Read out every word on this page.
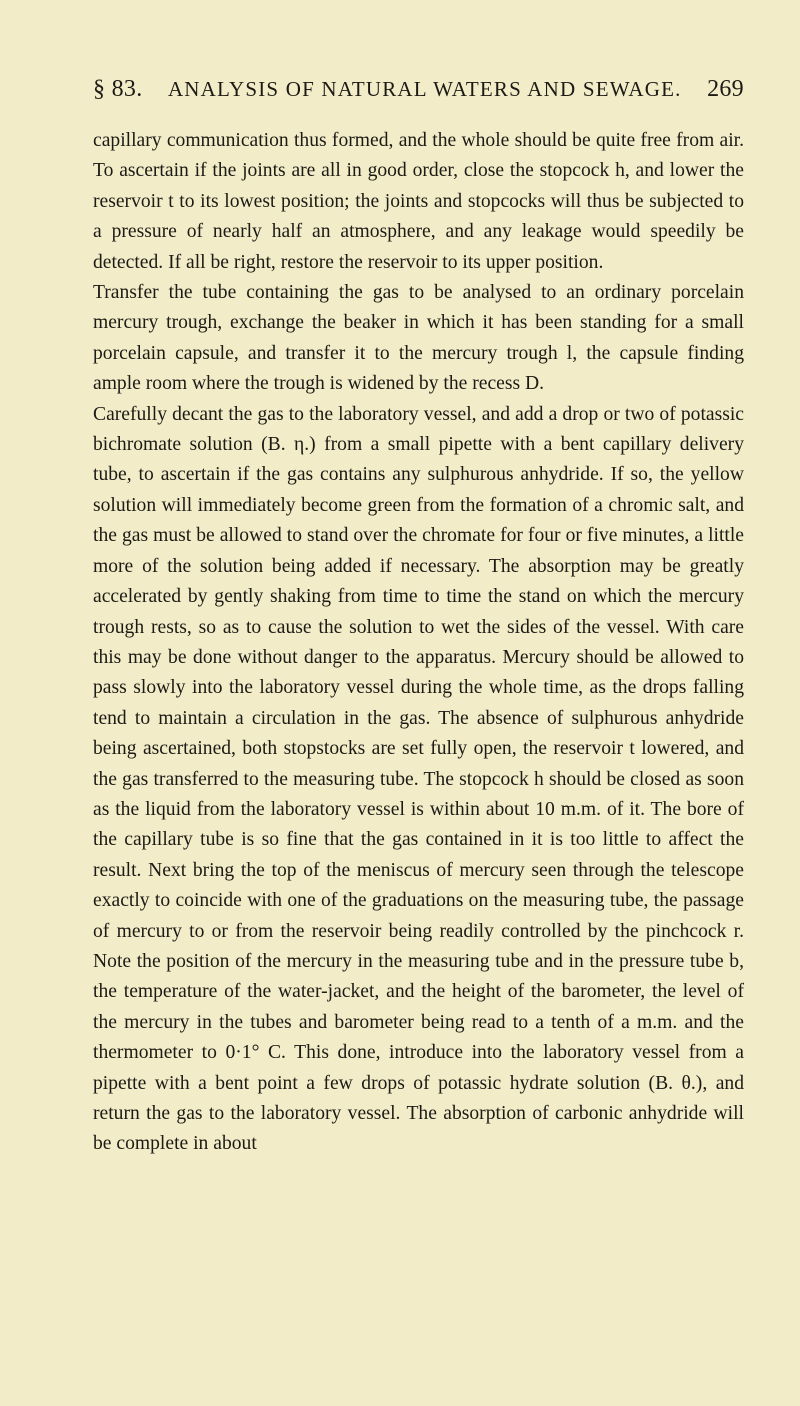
§ 83. ANALYSIS OF NATURAL WATERS AND SEWAGE. 269

capillary communication thus formed, and the whole should be quite free from air. To ascertain if the joints are all in good order, close the stopcock h, and lower the reservoir t to its lowest position; the joints and stopcocks will thus be subjected to a pressure of nearly half an atmosphere, and any leakage would speedily be detected. If all be right, restore the reservoir to its upper position.

Transfer the tube containing the gas to be analysed to an ordinary porcelain mercury trough, exchange the beaker in which it has been standing for a small porcelain capsule, and transfer it to the mercury trough l, the capsule finding ample room where the trough is widened by the recess D.

Carefully decant the gas to the laboratory vessel, and add a drop or two of potassic bichromate solution (B. η.) from a small pipette with a bent capillary delivery tube, to ascertain if the gas contains any sulphurous anhydride. If so, the yellow solution will immediately become green from the formation of a chromic salt, and the gas must be allowed to stand over the chromate for four or five minutes, a little more of the solution being added if necessary. The absorption may be greatly accelerated by gently shaking from time to time the stand on which the mercury trough rests, so as to cause the solution to wet the sides of the vessel. With care this may be done without danger to the apparatus. Mercury should be allowed to pass slowly into the laboratory vessel during the whole time, as the drops falling tend to maintain a circulation in the gas. The absence of sulphurous anhydride being ascertained, both stopstocks are set fully open, the reservoir t lowered, and the gas transferred to the measuring tube. The stopcock h should be closed as soon as the liquid from the laboratory vessel is within about 10 m.m. of it. The bore of the capillary tube is so fine that the gas contained in it is too little to affect the result. Next bring the top of the meniscus of mercury seen through the telescope exactly to coincide with one of the graduations on the measuring tube, the passage of mercury to or from the reservoir being readily controlled by the pinchcock r. Note the position of the mercury in the measuring tube and in the pressure tube b, the temperature of the water-jacket, and the height of the barometer, the level of the mercury in the tubes and barometer being read to a tenth of a m.m. and the thermometer to 0·1° C. This done, introduce into the laboratory vessel from a pipette with a bent point a few drops of potassic hydrate solution (B. θ.), and return the gas to the laboratory vessel. The absorption of carbonic anhydride will be complete in about
